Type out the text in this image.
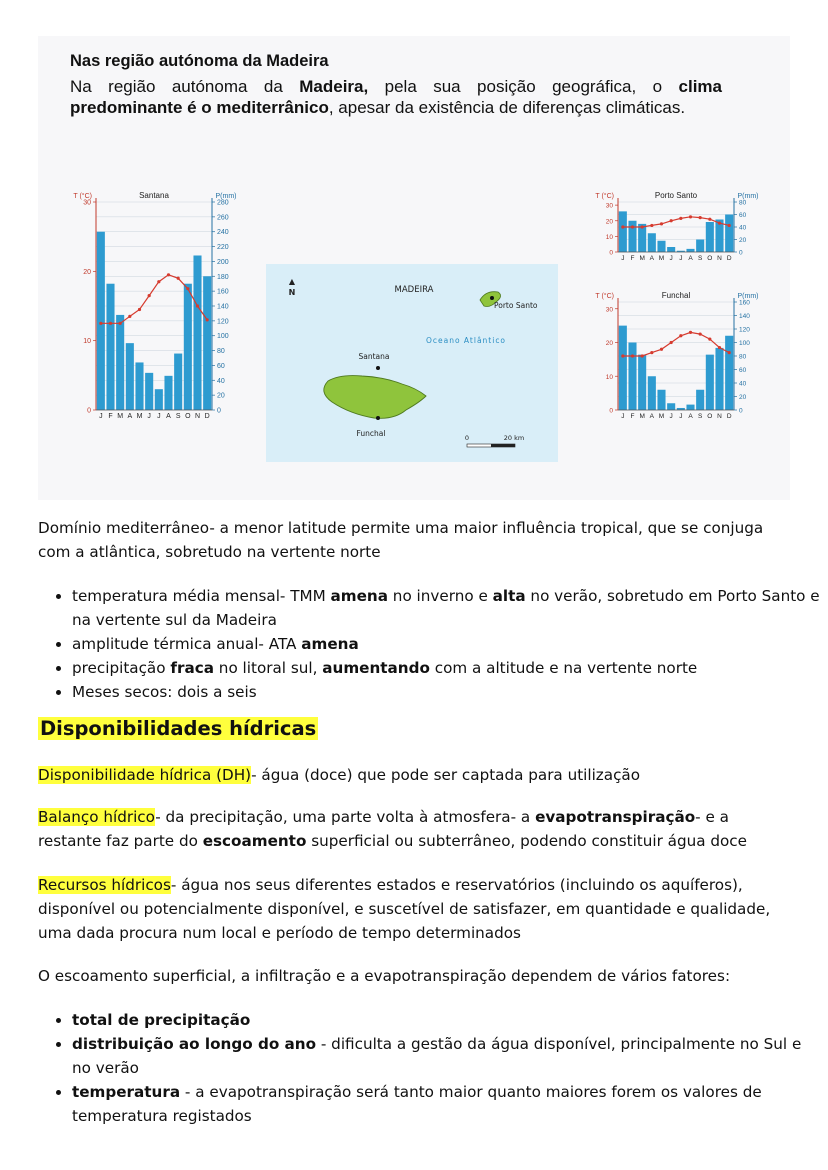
Nas região autónoma da Madeira

Na região autónoma da Madeira, pela sua posição geográfica, o clima predominante é o mediterrânico, apesar da existência de diferenças climáticas.

T (°C)	Santana	P(mm)
0
10
20
30
0
20
40
60
80
100
120
140
160
180
200
220
240
260
280
J F M A M J J A S O N D
▲
N	MADEIRA
Porto Santo
Oceano Atlântico
Santana
Funchal	0	20 km
T (°C)	Porto Santo	P(mm)
0
10
20
30
0
20
40
60
80
J F M A M J J A S O N D
T (°C)	Funchal	P(mm)
0
10
20
30
0
20
40
60
80
100
120
140
160
J F M A M J J A S O N D

Domínio mediterrâneo- a menor latitude permite uma maior influência tropical, que se conjuga com a atlântica, sobretudo na vertente norte

• temperatura média mensal- TMM amena no inverno e alta no verão, sobretudo em Porto Santo e na vertente sul da Madeira
• amplitude térmica anual- ATA amena
• precipitação fraca no litoral sul, aumentando com a altitude e na vertente norte
• Meses secos: dois a seis
Disponibilidades hídricas

Disponibilidade hídrica (DH)- água (doce) que pode ser captada para utilização

Balanço hídrico- da precipitação, uma parte volta à atmosfera- a evapotranspiração- e a restante faz parte do escoamento superficial ou subterrâneo, podendo constituir água doce

Recursos hídricos- água nos seus diferentes estados e reservatórios (incluindo os aquíferos), disponível ou potencialmente disponível, e suscetível de satisfazer, em quantidade e qualidade, uma dada procura num local e período de tempo determinados

O escoamento superficial, a infiltração e a evapotranspiração dependem de vários fatores:

• total de precipitação
• distribuição ao longo do ano - dificulta a gestão da água disponível, principalmente no Sul e no verão
• temperatura - a evapotranspiração será tanto maior quanto maiores forem os valores de temperatura registados
